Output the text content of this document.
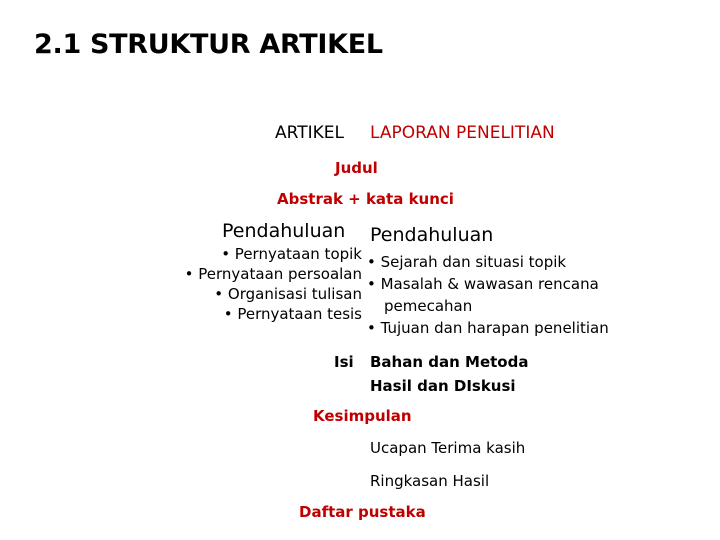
2.1 STRUKTUR ARTIKEL
ARTIKEL LAPORAN PENELITIAN
Judul
Abstrak + kata kunci
Pendahuluan Pendahuluan
• Pernyataan topik
• Pernyataan persoalan
• Organisasi tulisan
• Pernyataan tesis
• Sejarah dan situasi topik
• Masalah & wawasan rencana
pemecahan
• Tujuan dan harapan penelitian
Isi Bahan dan Metoda
Hasil dan DIskusi
Kesimpulan
Ucapan Terima kasih
Ringkasan Hasil
Daftar pustaka
